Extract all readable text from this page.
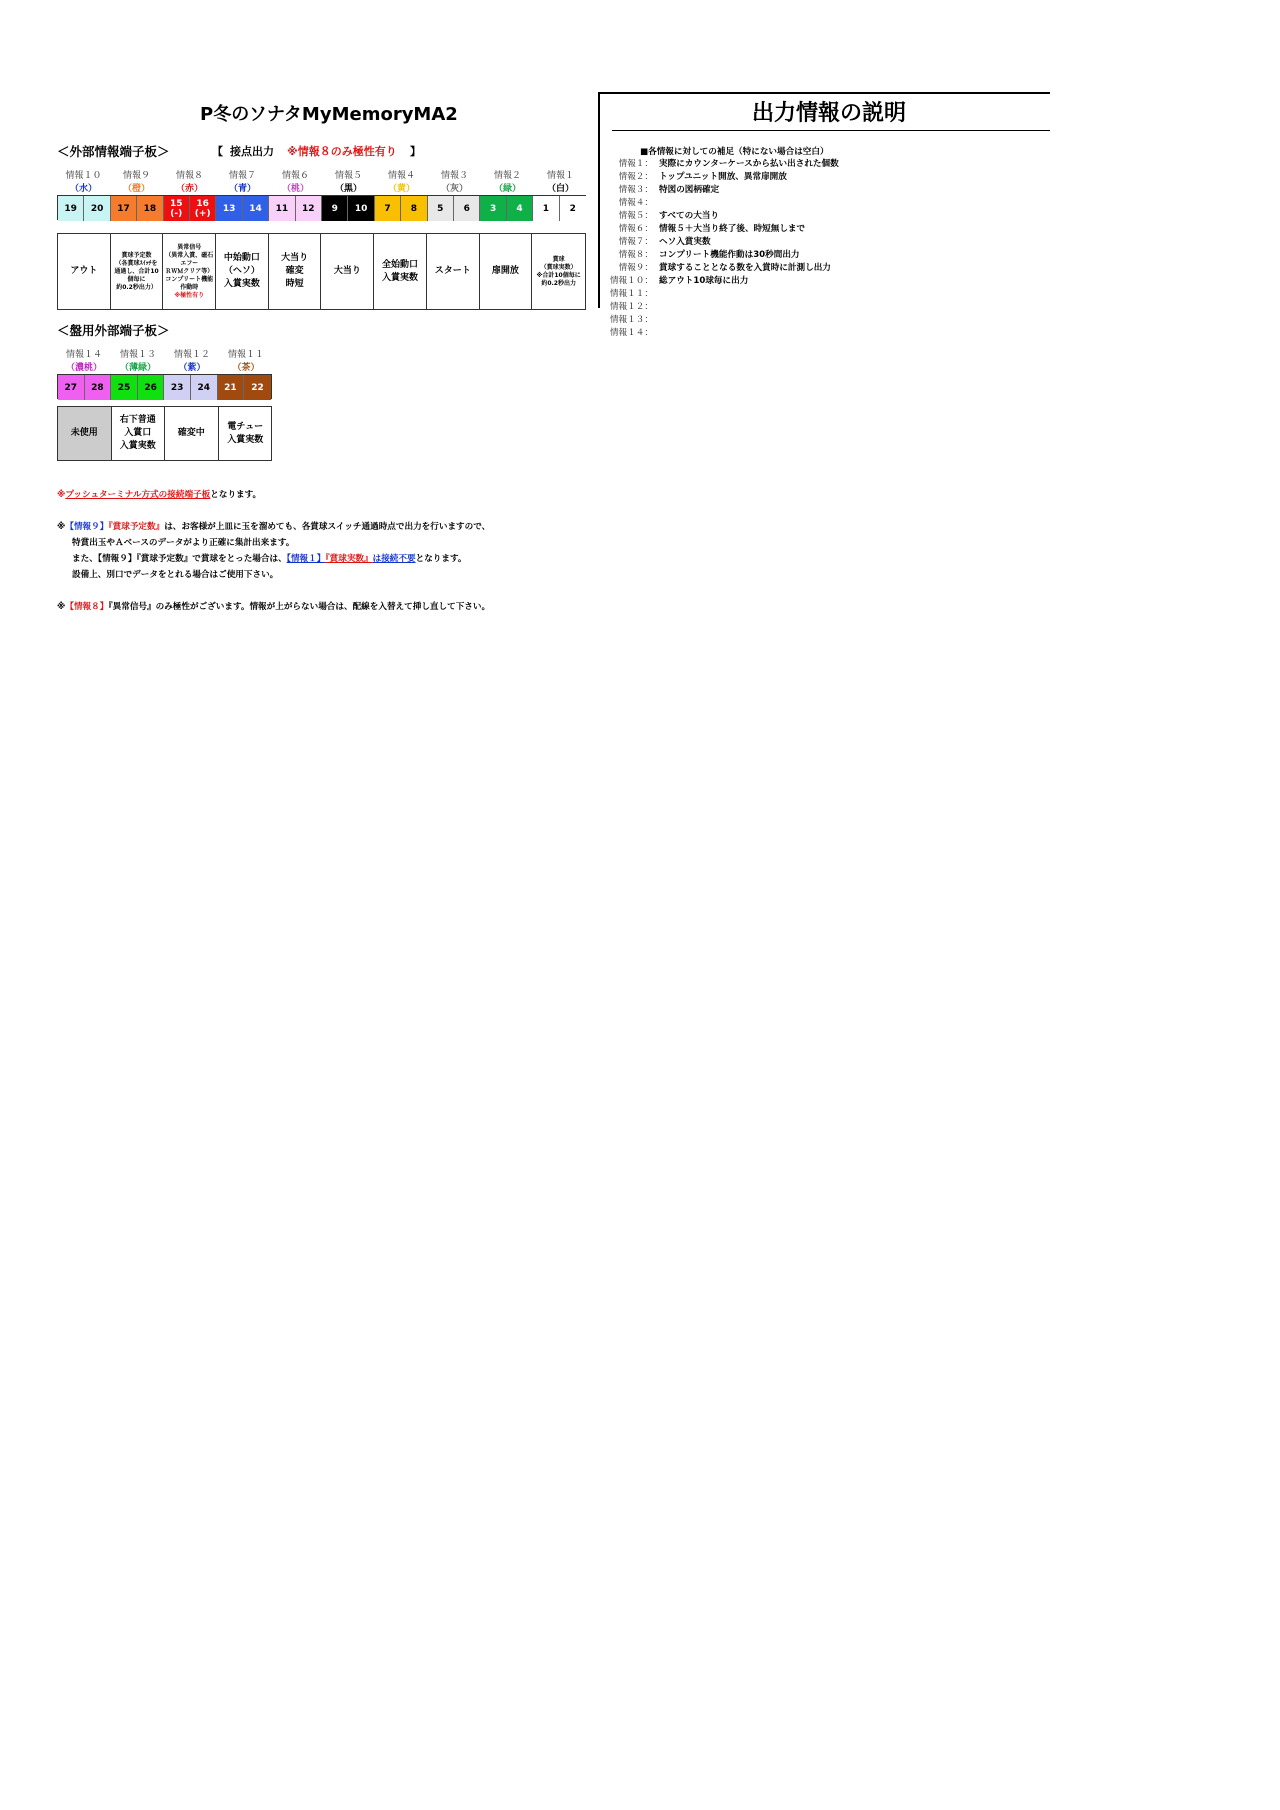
P冬のソナタMyMemoryMA2
＜外部情報端子板＞	【 接点出力 ※情報８のみ極性有り 】
情報１０
（水）
情報９
（橙）
情報８
（赤）
情報７
（青）
情報６
（桃）
情報５
（黒）
情報４
（黄）
情報３
（灰）
情報２
（緑）
情報１
（白）
19 20 17 18 15
(-)
16
(+) 13 14 11 12 9 10 7 8 5 6 3 4 1 2
アウト
賞球予定数
（各賞球ｽｲｯﾁを
通過し、合計10
個毎に
約0.2秒出力）
異常信号
（異常入賞、磁石
エフー
ＲＷＭクリア等）
コンプリート機能
作動時
※極性有り
中始動口
（ヘソ）
入賞実数
大当り
確変
時短
大当り
全始動口
入賞実数
スタート 扉開放
賞球
（賞球実数）
※合計10個毎に
約0.2秒出力
＜盤用外部端子板＞
情報１４
（濃桃）
情報１３
（薄緑）
情報１２
（紫）
情報１１
（茶）
27 28 25 26 23 24 21 22
未使用
右下普通
入賞口
入賞実数
確変中
電チュー
入賞実数
※プッシュターミナル方式の接続端子板となります。
※【情報９】『賞球予定数』は、お客様が上皿に玉を溜めても、各賞球スイッチ通過時点で出力を行いますので、
特賞出玉やＡベースのデータがより正確に集計出来ます。
また、【情報９】『賞球予定数』で賞球をとった場合は、【情報１】『賞球実数』は接続不要となります。
設備上、別口でデータをとれる場合はご使用下さい。
※【情報８】『異常信号』のみ極性がございます。情報が上がらない場合は、配線を入替えて挿し直して下さい。
出力情報の説明
■各情報に対しての補足（特にない場合は空白）
情報１： 実際にカウンターケースから払い出された個数
情報２： トップユニット開放、異常扉開放
情報３： 特図の図柄確定
情報４：
情報５： すべての大当り
情報６： 情報５＋大当り終了後、時短無しまで
情報７： ヘソ入賞実数
情報８： コンプリート機能作動は30秒間出力
情報９： 賞球することとなる数を入賞時に計測し出力
情報１０： 総アウト10球毎に出力
情報１１：
情報１２：
情報１３：
情報１４：
